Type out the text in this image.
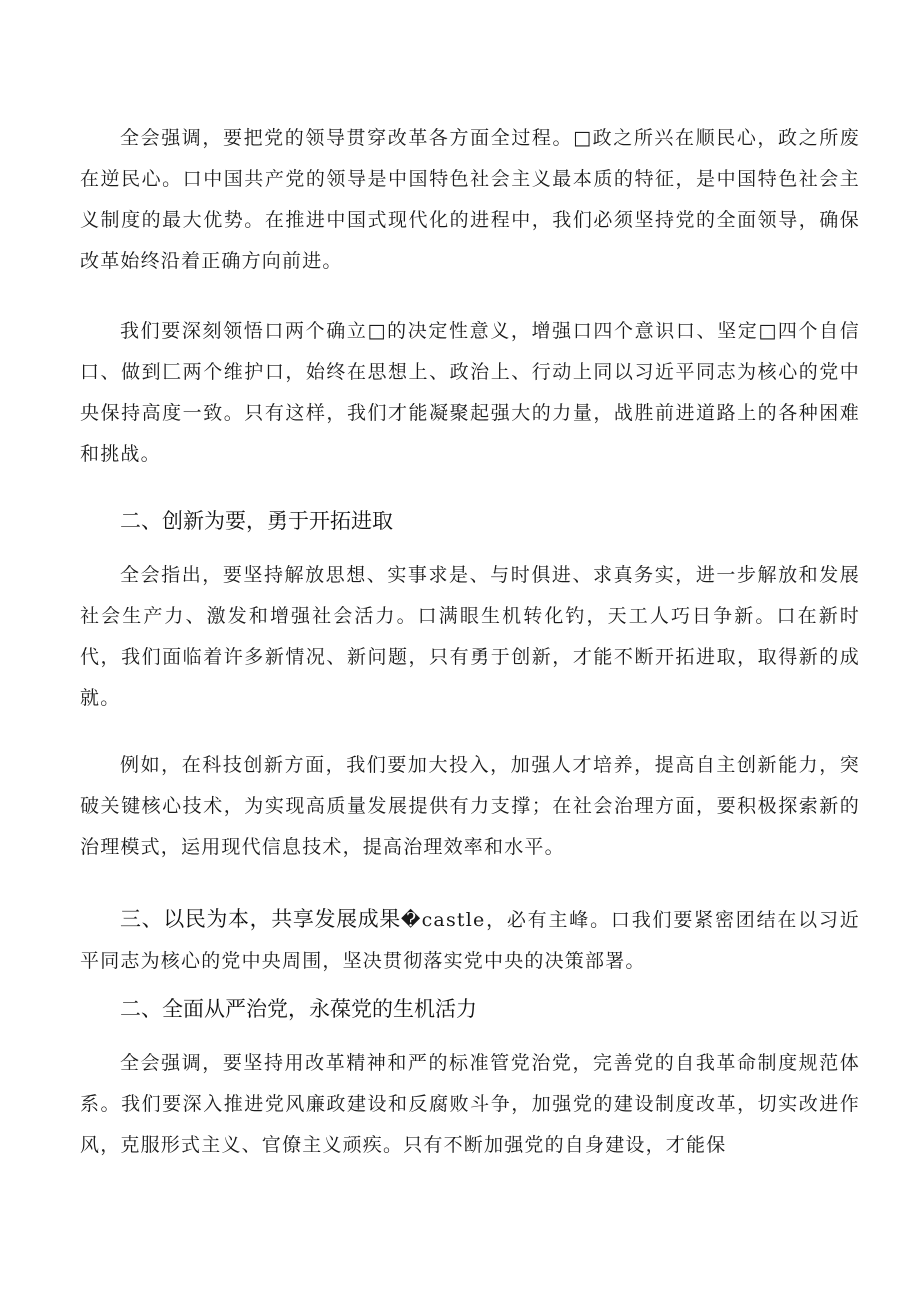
全会强调，要把党的领导贯穿改革各方面全过程。□政之所兴在顺民心，政之所废在逆民心。口中国共产党的领导是中国特色社会主义最本质的特征，是中国特色社会主义制度的最大优势。在推进中国式现代化的进程中，我们必须坚持党的全面领导，确保改革始终沿着正确方向前进。

我们要深刻领悟口两个确立□的决定性意义，增强口四个意识口、坚定□四个自信口、做到匚两个维护口，始终在思想上、政治上、行动上同以习近平同志为核心的党中央保持高度一致。只有这样，我们才能凝聚起强大的力量，战胜前进道路上的各种困难和挑战。

二、创新为要，勇于开拓进取

全会指出，要坚持解放思想、实事求是、与时俱进、求真务实，进一步解放和发展社会生产力、激发和增强社会活力。口满眼生机转化钓，天工人巧日争新。口在新时代，我们面临着许多新情况、新问题，只有勇于创新，才能不断开拓进取，取得新的成就。

例如，在科技创新方面，我们要加大投入，加强人才培养，提高自主创新能力，突破关键核心技术，为实现高质量发展提供有力支撑；在社会治理方面，要积极探索新的治理模式，运用现代信息技术，提高治理效率和水平。

三、以民为本，共享发展成果�castle，必有主峰。口我们要紧密团结在以习近平同志为核心的党中央周围，坚决贯彻落实党中央的决策部署。

二、全面从严治党，永葆党的生机活力

全会强调，要坚持用改革精神和严的标准管党治党，完善党的自我革命制度规范体系。我们要深入推进党风廉政建设和反腐败斗争，加强党的建设制度改革，切实改进作风，克服形式主义、官僚主义顽疾。只有不断加强党的自身建设，才能保
